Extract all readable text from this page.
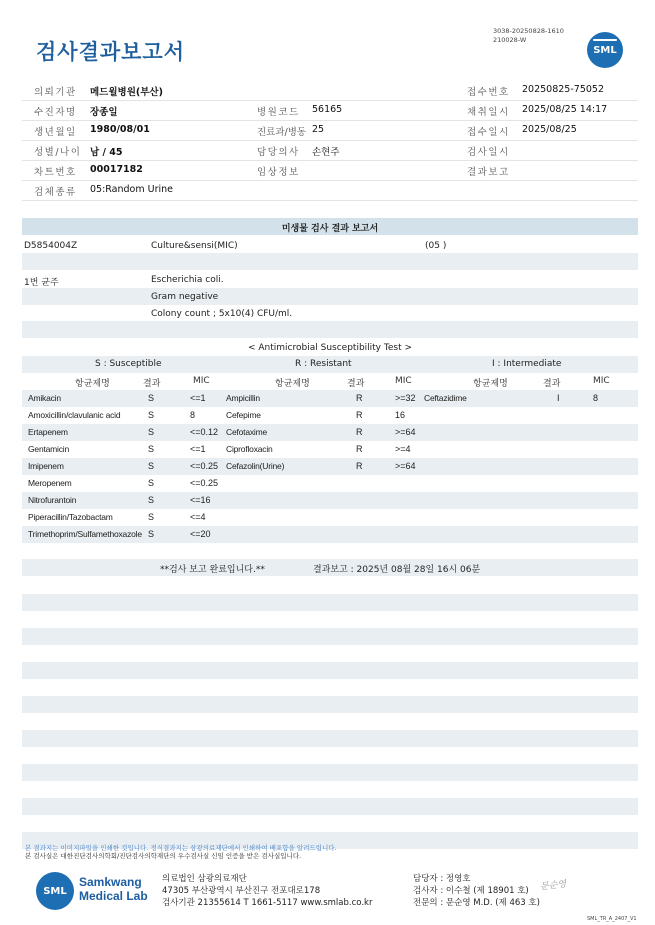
검사결과보고서
3038-20250828-1610
210028-W
SML
의뢰기관 메드윌병원(부산)	접수번호 20250825-75052
수진자명 장종일	병원코드 56165	채취일시 2025/08/25 14:17
생년월일 1980/08/01	진료과/병동 25	접수일시 2025/08/25
성별/나이 남 / 45	담당의사 손현주	검사일시
차트번호 00017182	임상정보	결과보고
검체종류 05:Random Urine
미생물 검사 결과 보고서
D5854004Z	Culture&sensi(MIC)	(05 )
1번 균주	Escherichia coli.
Gram negative
Colony count ; 5x10(4) CFU/ml.
< Antimicrobial Susceptibility Test >
S : Susceptible	R : Resistant	I : Intermediate
항균제명	결과	MIC	항균제명	결과	MIC	항균제명	결과	MIC
Amikacin	S	<=1 Ampicillin	R	>=32 Ceftazidime	I	8
Amoxicillin/clavulanic acid	S	8	Cefepime	R	16
Ertapenem	S	<=0.12 Cefotaxime	R	>=64
Gentamicin	S	<=1 Ciprofloxacin	R	>=4
Imipenem	S	<=0.25 Cefazolin(Urine)	R	>=64
Meropenem	S	<=0.25
Nitrofurantoin	S	<=16
Piperacillin/Tazobactam	S	<=4
Trimethoprim/Sulfamethoxazole S	<=20
**검사 보고 완료입니다.**	결과보고 : 2025년 08월 28일 16시 06분
본 결과지는 이미지파일을 인쇄한 것입니다. 정식결과지는 삼광의료재단에서 인쇄하여 배포함을 알려드립니다.
본 검사실은 대한진단검사의학회/진단검사의학재단의 우수검사실 신임 인증을 받은 검사실입니다.
SML
Samkwang
Medical Lab
의료법인 삼광의료재단
47305 부산광역시 부산진구 전포대로178
검사기관 21355614 T 1661-5117 www.smlab.co.kr
담당자 : 정영호
검사자 : 이수철 (제 18901 호)
전문의 : 문순영 M.D. (제 463 호)
문순영
SML_TR_A_2407_V1
